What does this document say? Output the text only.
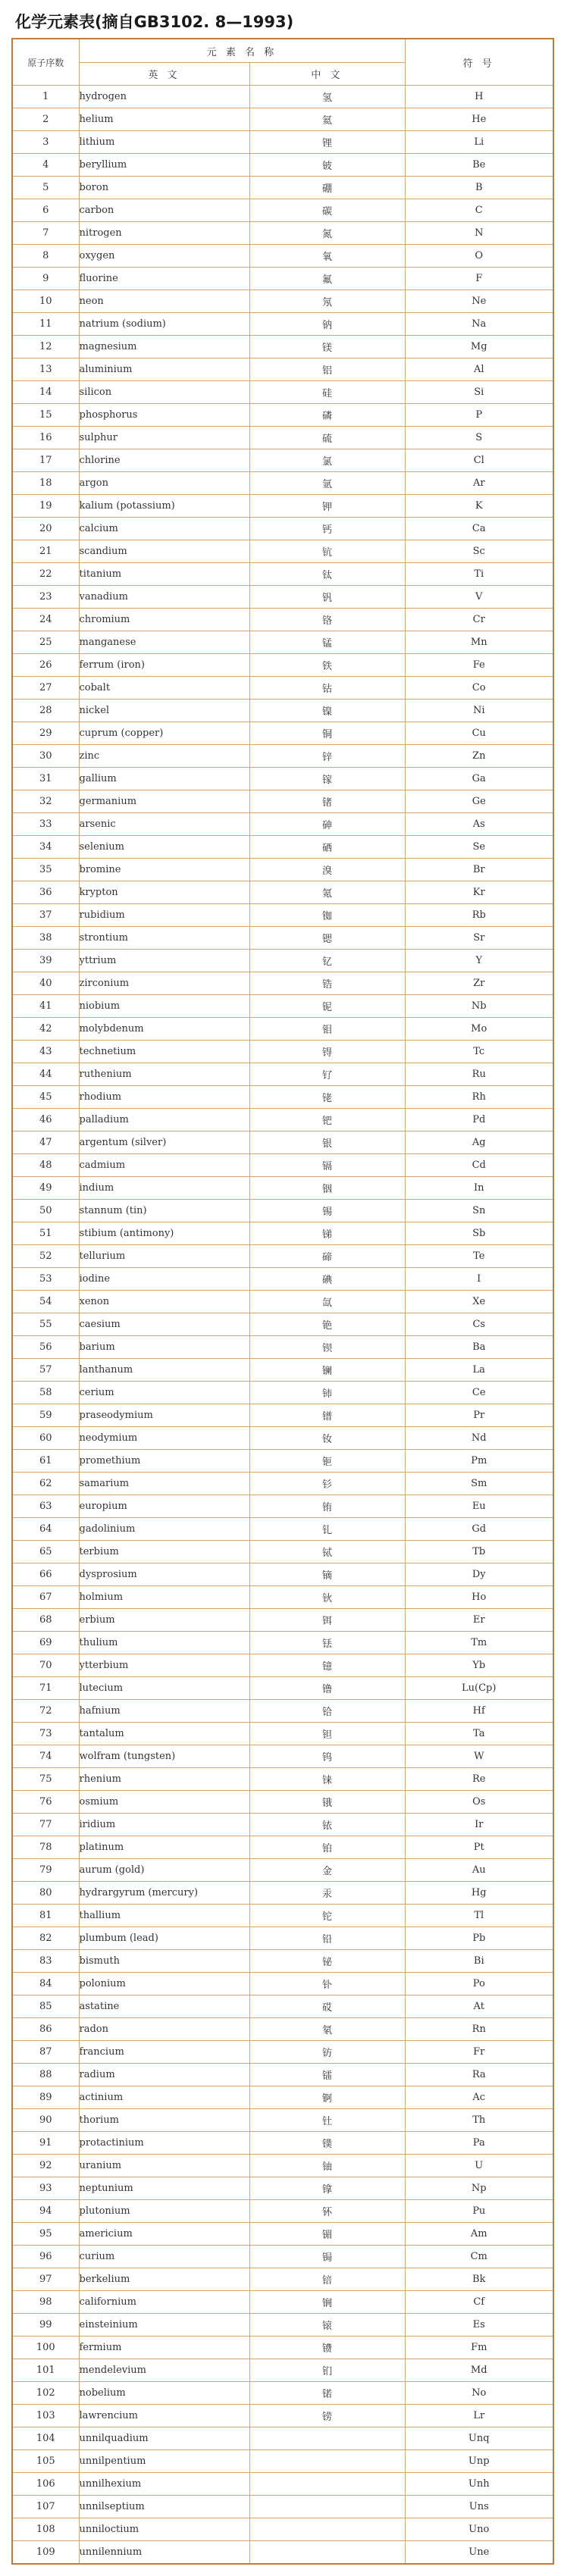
化学元素表(摘自GB3102. 8—1993)
原子序数	元 素 名 称		符 号
	英 文	中 文	
1	hydrogen	氢	H
2	helium	氦	He
3	lithium	锂	Li
4	beryllium	铍	Be
5	boron	硼	B
6	carbon	碳	C
7	nitrogen	氮	N
8	oxygen	氧	O
9	fluorine	氟	F
10	neon	氖	Ne
11	natrium (sodium)	钠	Na
12	magnesium	镁	Mg
13	aluminium	铝	Al
14	silicon	硅	Si
15	phosphorus	磷	P
16	sulphur	硫	S
17	chlorine	氯	Cl
18	argon	氩	Ar
19	kalium (potassium)	钾	K
20	calcium	钙	Ca
21	scandium	钪	Sc
22	titanium	钛	Ti
23	vanadium	钒	V
24	chromium	铬	Cr
25	manganese	锰	Mn
26	ferrum (iron)	铁	Fe
27	cobalt	钴	Co
28	nickel	镍	Ni
29	cuprum (copper)	铜	Cu
30	zinc	锌	Zn
31	gallium	镓	Ga
32	germanium	锗	Ge
33	arsenic	砷	As
34	selenium	硒	Se
35	bromine	溴	Br
36	krypton	氪	Kr
37	rubidium	铷	Rb
38	strontium	锶	Sr
39	yttrium	钇	Y
40	zirconium	锆	Zr
41	niobium	铌	Nb
42	molybdenum	钼	Mo
43	technetium	锝	Tc
44	ruthenium	钌	Ru
45	rhodium	铑	Rh
46	palladium	钯	Pd
47	argentum (silver)	银	Ag
48	cadmium	镉	Cd
49	indium	铟	In
50	stannum (tin)	锡	Sn
51	stibium (antimony)	锑	Sb
52	tellurium	碲	Te
53	iodine	碘	I
54	xenon	氙	Xe
55	caesium	铯	Cs
56	barium	钡	Ba
57	lanthanum	镧	La
58	cerium	铈	Ce
59	praseodymium	镨	Pr
60	neodymium	钕	Nd
61	promethium	钷	Pm
62	samarium	钐	Sm
63	europium	铕	Eu
64	gadolinium	钆	Gd
65	terbium	铽	Tb
66	dysprosium	镝	Dy
67	holmium	钬	Ho
68	erbium	铒	Er
69	thulium	铥	Tm
70	ytterbium	镱	Yb
71	lutecium	镥	Lu(Cp)
72	hafnium	铪	Hf
73	tantalum	钽	Ta
74	wolfram (tungsten)	钨	W
75	rhenium	铼	Re
76	osmium	锇	Os
77	iridium	铱	Ir
78	platinum	铂	Pt
79	aurum (gold)	金	Au
80	hydrargyrum (mercury)	汞	Hg
81	thallium	铊	Tl
82	plumbum (lead)	铅	Pb
83	bismuth	铋	Bi
84	polonium	钋	Po
85	astatine	砹	At
86	radon	氡	Rn
87	francium	钫	Fr
88	radium	镭	Ra
89	actinium	锕	Ac
90	thorium	钍	Th
91	protactinium	镤	Pa
92	uranium	铀	U
93	neptunium	镎	Np
94	plutonium	钚	Pu
95	americium	镅	Am
96	curium	锔	Cm
97	berkelium	锫	Bk
98	californium	锎	Cf
99	einsteinium	锿	Es
100	fermium	镄	Fm
101	mendelevium	钔	Md
102	nobelium	锘	No
103	lawrencium	铹	Lr
104	unnilquadium		Unq
105	unnilpentium		Unp
106	unnilhexium		Unh
107	unnilseptium		Uns
108	unniloctium		Uno
109	unnilennium		Une
